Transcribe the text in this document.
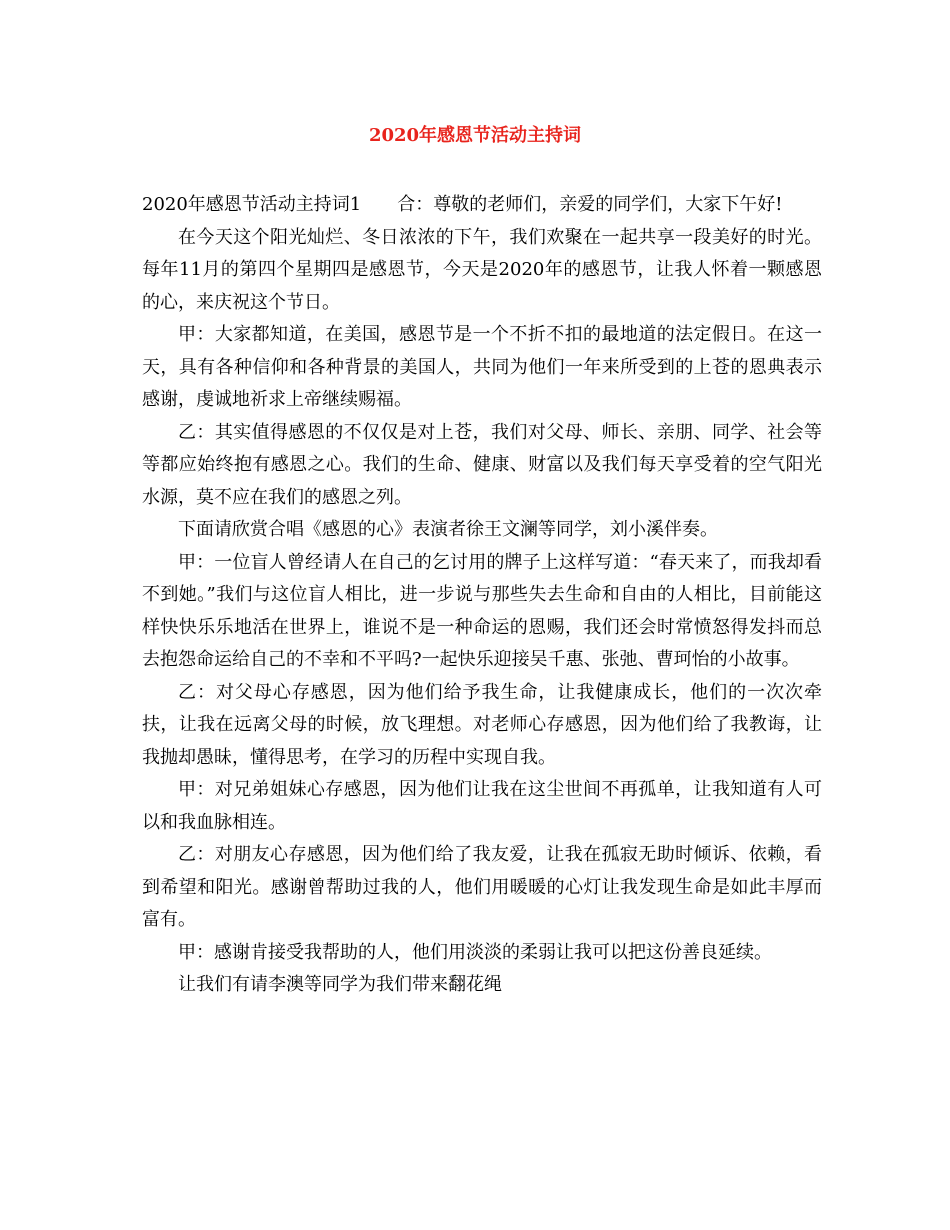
2020年感恩节活动主持词

2020年感恩节活动主持词1 合：尊敬的老师们，亲爱的同学们，大家下午好!

在今天这个阳光灿烂、冬日浓浓的下午，我们欢聚在一起共享一段美好的时光。每年11月的第四个星期四是感恩节，今天是2020年的感恩节，让我人怀着一颗感恩的心，来庆祝这个节日。

甲：大家都知道，在美国，感恩节是一个不折不扣的最地道的法定假日。在这一天，具有各种信仰和各种背景的美国人，共同为他们一年来所受到的上苍的恩典表示感谢，虔诚地祈求上帝继续赐福。

乙：其实值得感恩的不仅仅是对上苍，我们对父母、师长、亲朋、同学、社会等等都应始终抱有感恩之心。我们的生命、健康、财富以及我们每天享受着的空气阳光水源，莫不应在我们的感恩之列。

下面请欣赏合唱《感恩的心》表演者徐王文澜等同学，刘小溪伴奏。

甲：一位盲人曾经请人在自己的乞讨用的牌子上这样写道：“春天来了，而我却看不到她。”我们与这位盲人相比，进一步说与那些失去生命和自由的人相比，目前能这样快快乐乐地活在世界上，谁说不是一种命运的恩赐，我们还会时常愤怒得发抖而总去抱怨命运给自己的不幸和不平吗?一起快乐迎接吴千惠、张弛、曹珂怡的小故事。

乙：对父母心存感恩，因为他们给予我生命，让我健康成长，他们的一次次牵扶，让我在远离父母的时候，放飞理想。对老师心存感恩，因为他们给了我教诲，让我抛却愚昧，懂得思考，在学习的历程中实现自我。

甲：对兄弟姐妹心存感恩，因为他们让我在这尘世间不再孤单，让我知道有人可以和我血脉相连。

乙：对朋友心存感恩，因为他们给了我友爱，让我在孤寂无助时倾诉、依赖，看到希望和阳光。感谢曾帮助过我的人，他们用暖暖的心灯让我发现生命是如此丰厚而富有。

甲：感谢肯接受我帮助的人，他们用淡淡的柔弱让我可以把这份善良延续。

让我们有请李澳等同学为我们带来翻花绳
